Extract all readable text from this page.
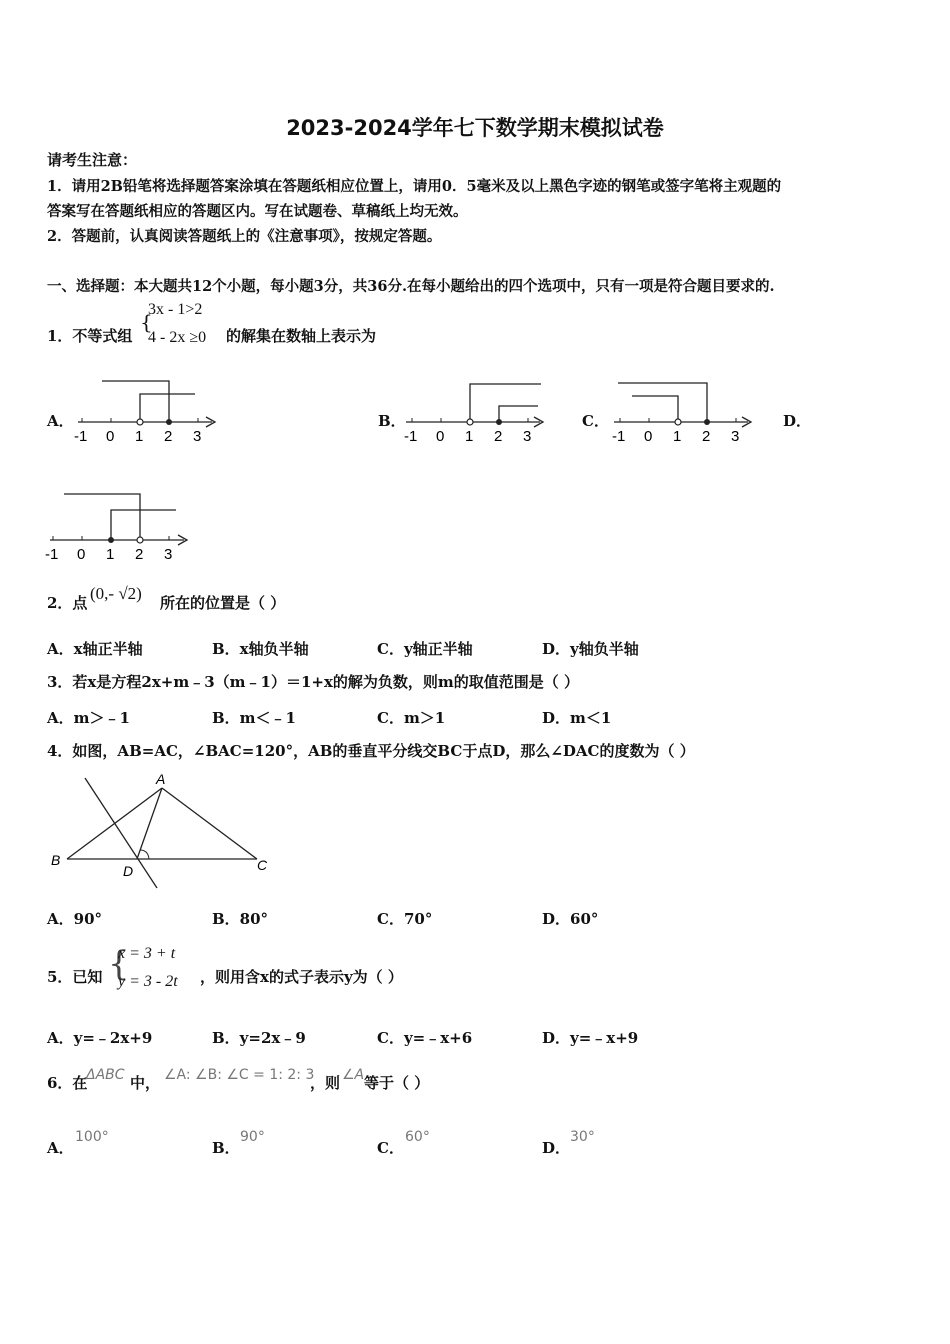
2023-2024学年七下数学期末模拟试卷
请考生注意：
1．请用2B铅笔将选择题答案涂填在答题纸相应位置上，请用0．5毫米及以上黑色字迹的钢笔或签字笔将主观题的
答案写在答题纸相应的答题区内。写在试题卷、草稿纸上均无效。
2．答题前，认真阅读答题纸上的《注意事项》，按规定答题。
一、选择题：本大题共12个小题，每小题3分，共36分.在每小题给出的四个选项中，只有一项是符合题目要求的.
1．不等式组
{
3x - 1>2
4 - 2x ≥0 的解集在数轴上表示为
A．	B．	C．	D．
-1 0 1 2 3	-1 0 1 2 3	-1 0 1 2 3
-1 0 1 2 3
2．点 (0,- √2) 所在的位置是（ ）
A．x轴正半轴	B．x轴负半轴	C．y轴正半轴	D．y轴负半轴
3．若x是方程2x+m﹣3（m﹣1）＝1+x的解为负数，则m的取值范围是（ ）
A．m＞﹣1	B．m＜﹣1	C．m＞1	D．m＜1
4．如图，AB=AC，∠BAC=120°，AB的垂直平分线交BC于点D，那么∠DAC的度数为（ ）
A
B	C
D
A．90°	B．80°	C．70°	D．60°
5．已知 {
x = 3 + t
y = 3 - 2t ，则用含x的式子表示y为（ ）
A．y=﹣2x+9	B．y=2x﹣9	C．y=﹣x+6	D．y=﹣x+9
6．在
ΔABC 中， ∠A: ∠B: ∠C = 1: 2: 3
，则 ∠A 等于（ ）
A．
100°
B．
90°
C．
60°
D．
30°
